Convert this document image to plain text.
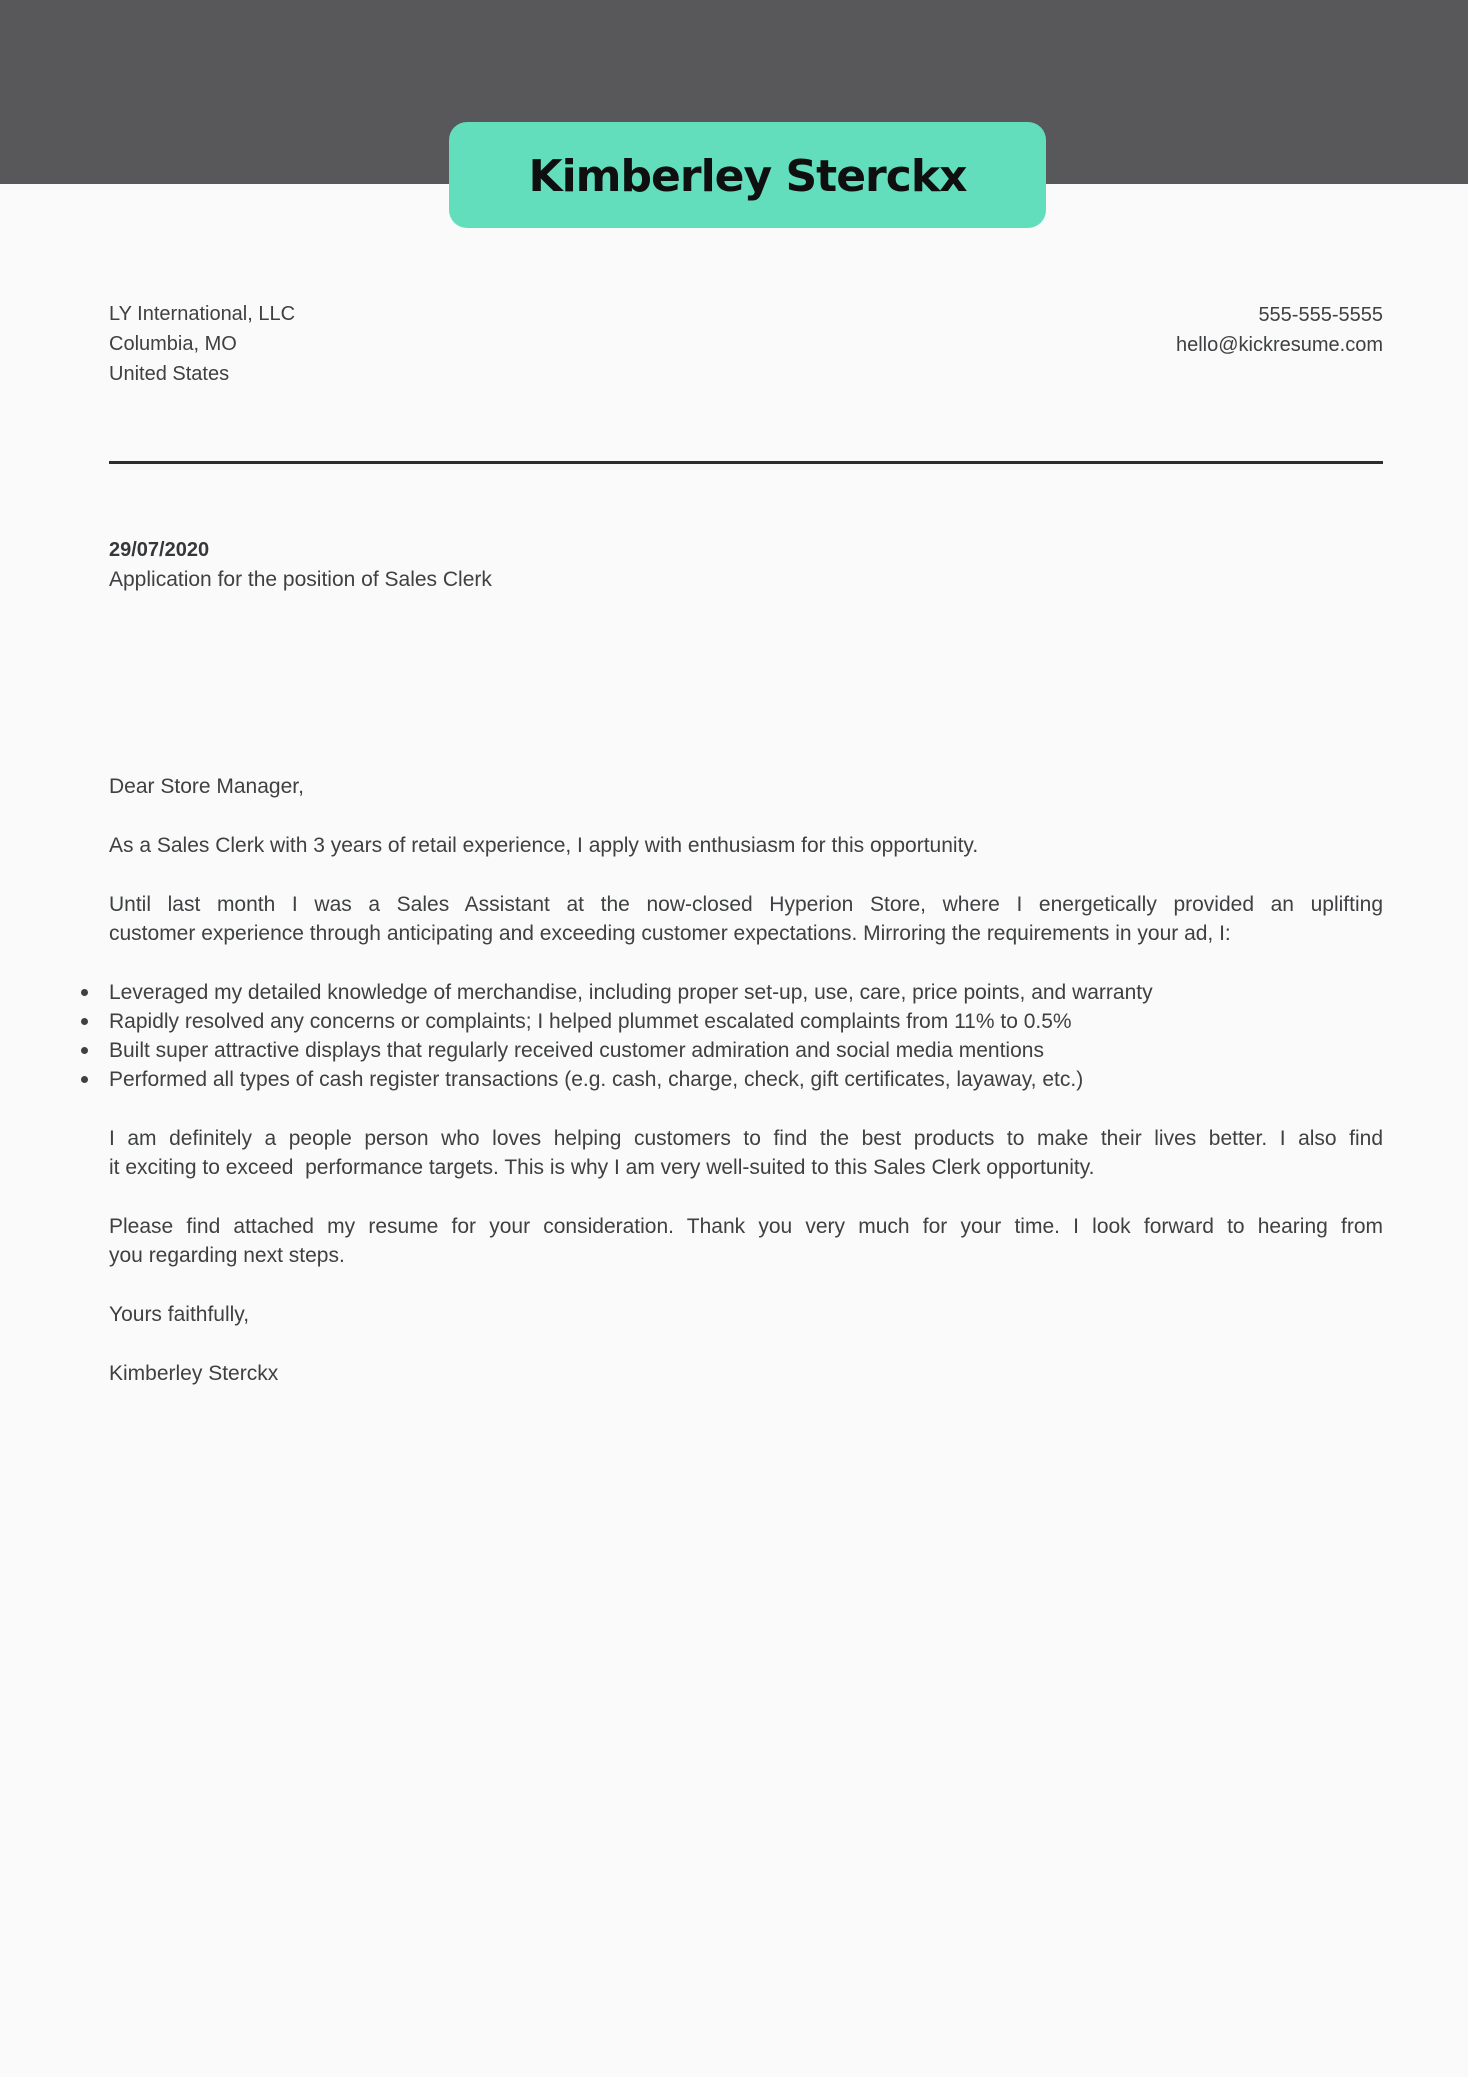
Kimberley Sterckx
LY International, LLC
Columbia, MO
United States
555-555-5555
hello@kickresume.com
29/07/2020
Application for the position of Sales Clerk
Dear Store Manager,
As a Sales Clerk with 3 years of retail experience, I apply with enthusiasm for this opportunity.
Until last month I was a Sales Assistant at the now-closed Hyperion Store, where I energetically provided an uplifting
customer experience through anticipating and exceeding customer expectations. Mirroring the requirements in your ad, I:
Leveraged my detailed knowledge of merchandise, including proper set-up, use, care, price points, and warranty
Rapidly resolved any concerns or complaints; I helped plummet escalated complaints from 11% to 0.5%
Built super attractive displays that regularly received customer admiration and social media mentions
Performed all types of cash register transactions (e.g. cash, charge, check, gift certificates, layaway, etc.)
I am definitely a people person who loves helping customers to find the best products to make their lives better. I also find
it exciting to exceed  performance targets. This is why I am very well-suited to this Sales Clerk opportunity.
Please find attached my resume for your consideration. Thank you very much for your time. I look forward to hearing from
you regarding next steps.
Yours faithfully,
Kimberley Sterckx
